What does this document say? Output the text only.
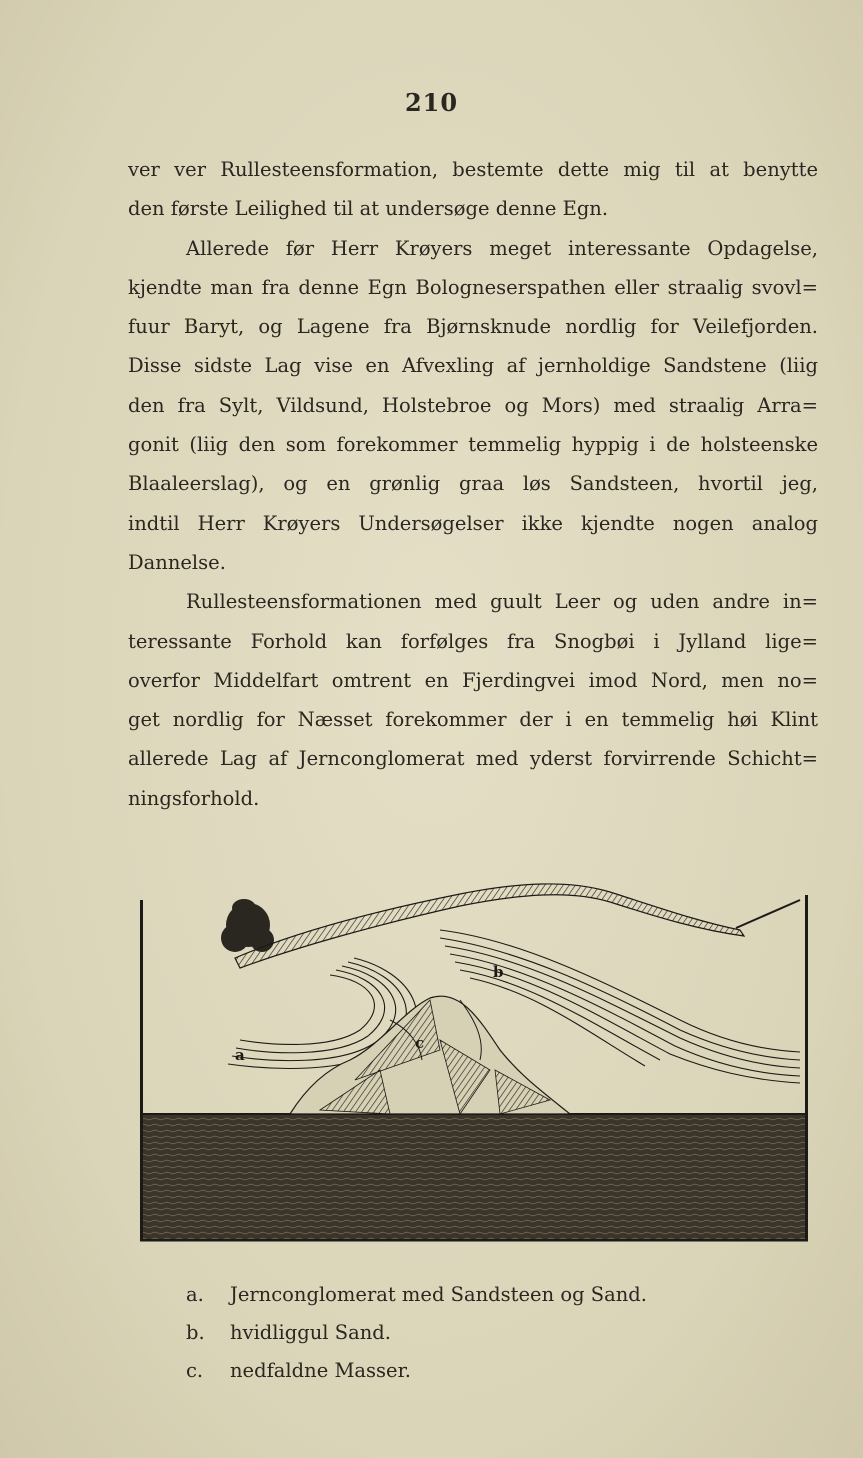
210
ver ver Rullesteensformation, bestemte dette mig til at benytte
den første Leilighed til at undersøge denne Egn.
Allerede før Herr Krøyers meget interessante Opdagelse,
kjendte man fra denne Egn Bologneserspathen eller straalig svovl=
fuur Baryt, og Lagene fra Bjørnsknude nordlig for Veilefjorden.
Disse sidste Lag vise en Afvexling af jernholdige Sandstene (liig
den fra Sylt, Vildsund, Holstebroe og Mors) med straalig Arra=
gonit (liig den som forekommer temmelig hyppig i de holsteenske
Blaaleerslag), og en grønlig graa løs Sandsteen, hvortil jeg,
indtil Herr Krøyers Undersøgelser ikke kjendte nogen analog
Dannelse.
Rullesteensformationen med guult Leer og uden andre in=
teressante Forhold kan forfølges fra Snogbøi i Jylland lige=
overfor Middelfart omtrent en Fjerdingvei imod Nord, men no=
get nordlig for Næsset forekommer der i en temmelig høi Klint
allerede Lag af Jernconglomerat med yderst forvirrende Schicht=
ningsforhold.
a
b
c
a. Jernconglomerat med Sandsteen og Sand.
b. hvidliggul Sand.
c. nedfaldne Masser.
